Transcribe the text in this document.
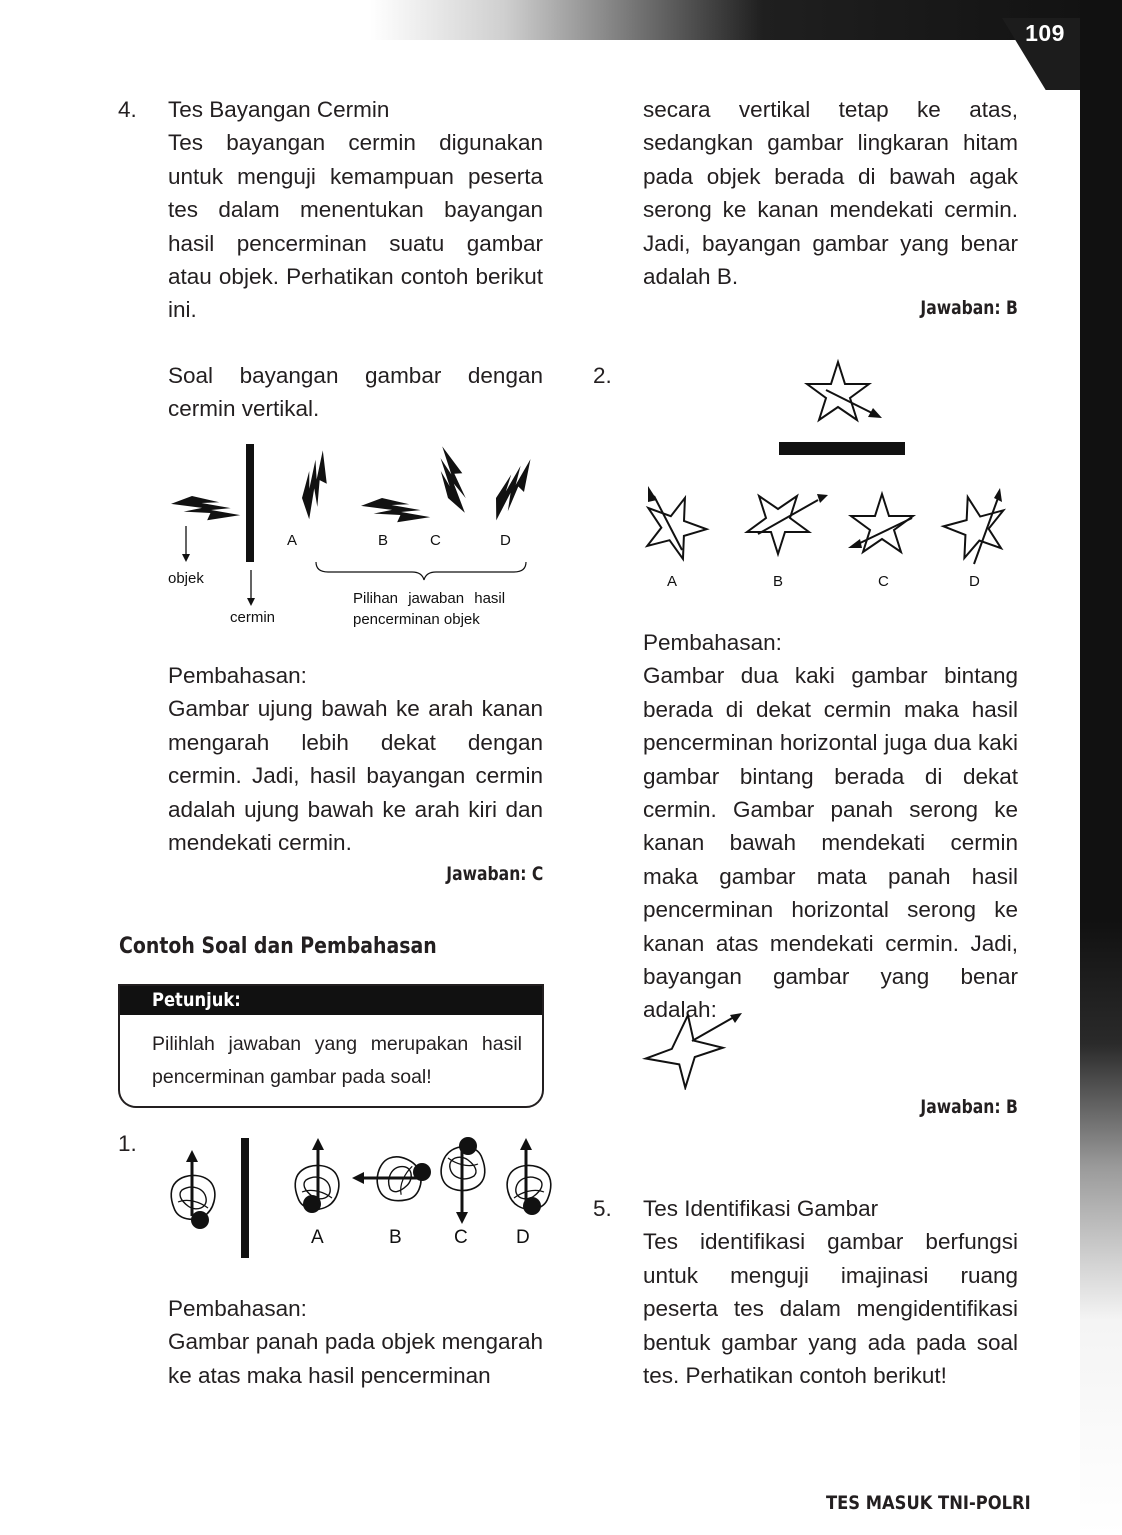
109
4. Tes Bayangan Cermin

Tes bayangan cermin digunakan untuk menguji kemampuan peserta tes dalam menentukan bayangan hasil pencerminan suatu gambar atau objek. Perhatikan contoh berikut ini.

Soal bayangan gambar dengan cermin vertikal.
A	B	C	D
objek
cermin
Pilihan jawaban hasil
pencerminan objek

Pembahasan:

Gambar ujung bawah ke arah kanan mengarah lebih dekat dengan cermin. Jadi, hasil bayangan cermin adalah ujung bawah ke arah kiri dan mendekati cermin.

Jawaban: C
Contoh Soal dan Pembahasan
Petunjuk:
Pilihlah jawaban yang merupakan hasil pencerminan gambar pada soal!
1.
A	B	C	D

Pembahasan:

Gambar panah pada objek mengarah ke atas maka hasil pencerminan

secara vertikal tetap ke atas, sedangkan gambar lingkaran hitam pada objek berada di bawah agak serong ke kanan mendekati cermin. Jadi, bayangan gambar yang benar adalah B.
Jawaban: B
2.
A	B	C	D

Pembahasan:

Gambar dua kaki gambar bintang berada di dekat cermin maka hasil pencerminan horizontal juga dua kaki gambar bintang berada di dekat cermin. Gambar panah serong ke kanan bawah mendekati cermin maka gambar mata panah hasil pencerminan horizontal serong ke kanan atas mendekati cermin. Jadi, bayangan gambar yang benar adalah:

Jawaban: B
5. Tes Identifikasi Gambar

Tes identifikasi gambar berfungsi untuk menguji imajinasi ruang peserta tes dalam mengidentifikasi bentuk gambar yang ada pada soal tes. Perhatikan contoh berikut!

TES MASUK TNI-POLRI
